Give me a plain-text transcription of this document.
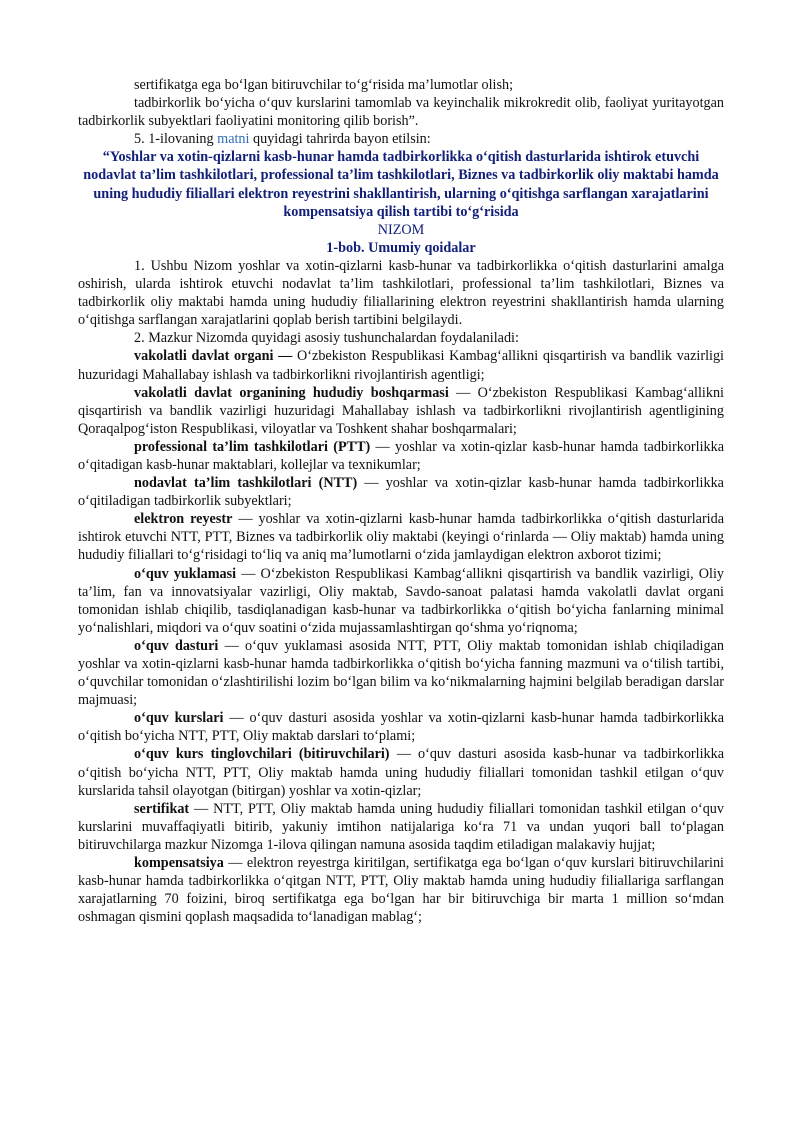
sertifikatga ega bo‘lgan bitiruvchilar to‘g‘risida ma’lumotlar olish;

tadbirkorlik bo‘yicha o‘quv kurslarini tamomlab va keyinchalik mikrokredit olib, faoliyat yuritayotgan tadbirkorlik subyektlari faoliyatini monitoring qilib borish”.

5. 1-ilovaning matni quyidagi tahrirda bayon etilsin:

“Yoshlar va xotin-qizlarni kasb-hunar hamda tadbirkorlikka o‘qitish dasturlarida ishtirok etuvchi nodavlat ta’lim tashkilotlari, professional ta’lim tashkilotlari, Biznes va tadbirkorlik oliy maktabi hamda uning hududiy filiallari elektron reyestrini shakllantirish, ularning o‘qitishga sarflangan xarajatlarini kompensatsiya qilish tartibi to‘g‘risida

NIZOM

1-bob. Umumiy qoidalar

1. Ushbu Nizom yoshlar va xotin-qizlarni kasb-hunar va tadbirkorlikka o‘qitish dasturlarini amalga oshirish, ularda ishtirok etuvchi nodavlat ta’lim tashkilotlari, professional ta’lim tashkilotlari, Biznes va tadbirkorlik oliy maktabi hamda uning hududiy filiallarining elektron reyestrini shakllantirish hamda ularning o‘qitishga sarflangan xarajatlarini qoplab berish tartibini belgilaydi.

2. Mazkur Nizomda quyidagi asosiy tushunchalardan foydalaniladi:

vakolatli davlat organi — O‘zbekiston Respublikasi Kambag‘allikni qisqartirish va bandlik vazirligi huzuridagi Mahallabay ishlash va tadbirkorlikni rivojlantirish agentligi;

vakolatli davlat organining hududiy boshqarmasi — O‘zbekiston Respublikasi Kambag‘allikni qisqartirish va bandlik vazirligi huzuridagi Mahallabay ishlash va tadbirkorlikni rivojlantirish agentligining Qoraqalpog‘iston Respublikasi, viloyatlar va Toshkent shahar boshqarmalari;

professional ta’lim tashkilotlari (PTT) — yoshlar va xotin-qizlar kasb-hunar hamda tadbirkorlikka o‘qitadigan kasb-hunar maktablari, kollejlar va texnikumlar;

nodavlat ta’lim tashkilotlari (NTT) — yoshlar va xotin-qizlar kasb-hunar hamda tadbirkorlikka o‘qitiladigan tadbirkorlik subyektlari;

elektron reyestr — yoshlar va xotin-qizlarni kasb-hunar hamda tadbirkorlikka o‘qitish dasturlarida ishtirok etuvchi NTT, PTT, Biznes va tadbirkorlik oliy maktabi (keyingi o‘rinlarda — Oliy maktab) hamda uning hududiy filiallari to‘g‘risidagi to‘liq va aniq ma’lumotlarni o‘zida jamlaydigan elektron axborot tizimi;

o‘quv yuklamasi — O‘zbekiston Respublikasi Kambag‘allikni qisqartirish va bandlik vazirligi, Oliy ta’lim, fan va innovatsiyalar vazirligi, Oliy maktab, Savdo-sanoat palatasi hamda vakolatli davlat organi tomonidan ishlab chiqilib, tasdiqlanadigan kasb-hunar va tadbirkorlikka o‘qitish bo‘yicha fanlarning minimal yo‘nalishlari, miqdori va o‘quv soatini o‘zida mujassamlashtirgan qo‘shma yo‘riqnoma;

o‘quv dasturi — o‘quv yuklamasi asosida NTT, PTT, Oliy maktab tomonidan ishlab chiqiladigan yoshlar va xotin-qizlarni kasb-hunar hamda tadbirkorlikka o‘qitish bo‘yicha fanning mazmuni va o‘tilish tartibi, o‘quvchilar tomonidan o‘zlashtirilishi lozim bo‘lgan bilim va ko‘nikmalarning hajmini belgilab beradigan darslar majmuasi;

o‘quv kurslari — o‘quv dasturi asosida yoshlar va xotin-qizlarni kasb-hunar hamda tadbirkorlikka o‘qitish bo‘yicha NTT, PTT, Oliy maktab darslari to‘plami;

o‘quv kurs tinglovchilari (bitiruvchilari) — o‘quv dasturi asosida kasb-hunar va tadbirkorlikka o‘qitish bo‘yicha NTT, PTT, Oliy maktab hamda uning hududiy filiallari tomonidan tashkil etilgan o‘quv kurslarida tahsil olayotgan (bitirgan) yoshlar va xotin-qizlar;

sertifikat — NTT, PTT, Oliy maktab hamda uning hududiy filiallari tomonidan tashkil etilgan o‘quv kurslarini muvaffaqiyatli bitirib, yakuniy imtihon natijalariga ko‘ra 71 va undan yuqori ball to‘plagan bitiruvchilarga mazkur Nizomga 1-ilova qilingan namuna asosida taqdim etiladigan malakaviy hujjat;

kompensatsiya — elektron reyestrga kiritilgan, sertifikatga ega bo‘lgan o‘quv kurslari bitiruvchilarini kasb-hunar hamda tadbirkorlikka o‘qitgan NTT, PTT, Oliy maktab hamda uning hududiy filiallariga sarflangan xarajatlarning 70 foizini, biroq sertifikatga ega bo‘lgan har bir bitiruvchiga bir marta 1 million so‘mdan oshmagan qismini qoplash maqsadida to‘lanadigan mablag‘;
